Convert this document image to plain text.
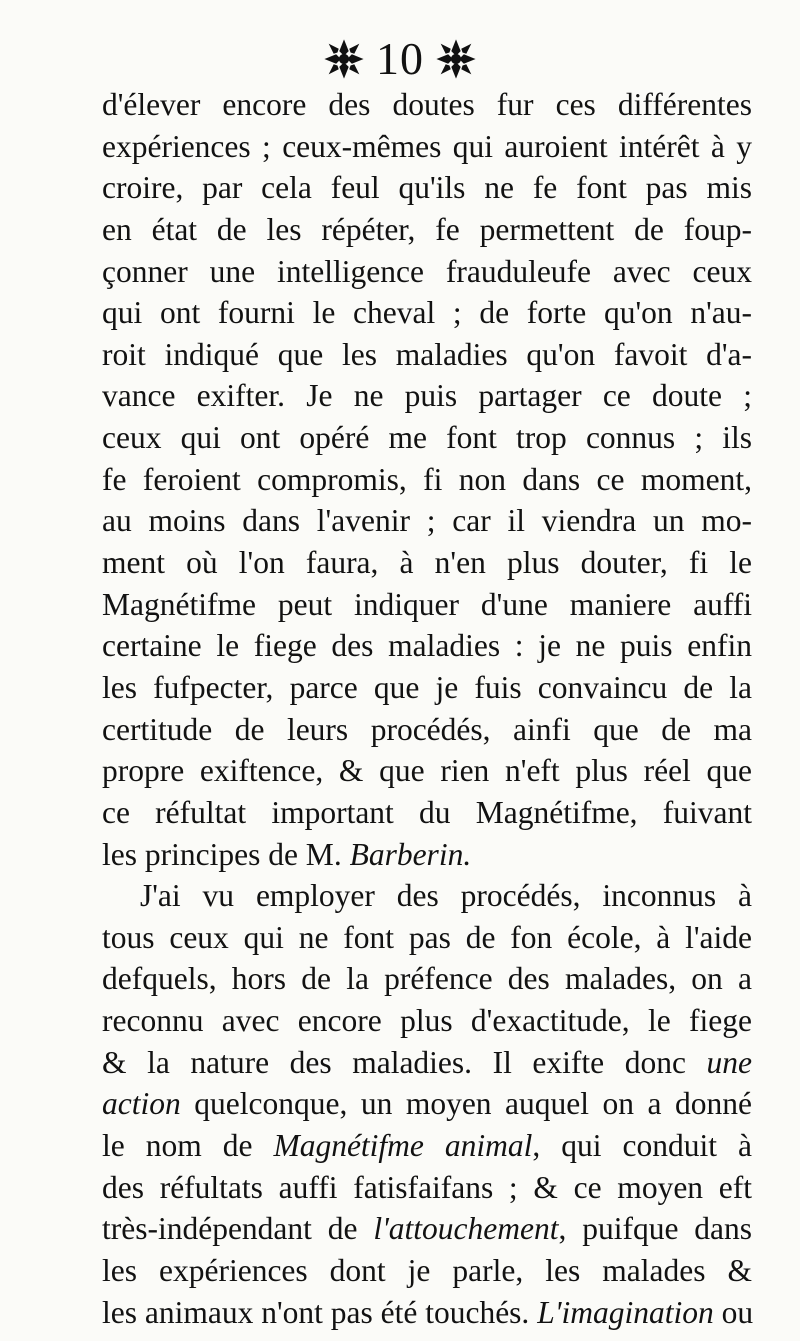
10
d'élever encore des doutes fur ces différentes
expériences ; ceux-mêmes qui auroient intérêt à y
croire, par cela feul qu'ils ne fe font pas mis
en état de les répéter, fe permettent de foup-
çonner une intelligence frauduleufe avec ceux
qui ont fourni le cheval ; de forte qu'on n'au-
roit indiqué que les maladies qu'on favoit d'a-
vance exifter. Je ne puis partager ce doute ;
ceux qui ont opéré me font trop connus ; ils
fe feroient compromis, fi non dans ce moment,
au moins dans l'avenir ; car il viendra un mo-
ment où l'on faura, à n'en plus douter, fi le
Magnétifme peut indiquer d'une maniere auffi
certaine le fiege des maladies : je ne puis enfin
les fufpecter, parce que je fuis convaincu de la
certitude de leurs procédés, ainfi que de ma
propre exiftence, & que rien n'eft plus réel que
ce réfultat important du Magnétifme, fuivant
les principes de M. Barberin.
J'ai vu employer des procédés, inconnus à
tous ceux qui ne font pas de fon école, à l'aide
defquels, hors de la préfence des malades, on a
reconnu avec encore plus d'exactitude, le fiege
& la nature des maladies. Il exifte donc une
action quelconque, un moyen auquel on a donné
le nom de Magnétifme animal, qui conduit à
des réfultats auffi fatisfaifans ; & ce moyen eft
très-indépendant de l'attouchement, puifque dans
les expériences dont je parle, les malades &
les animaux n'ont pas été touchés. L'imagination ou
